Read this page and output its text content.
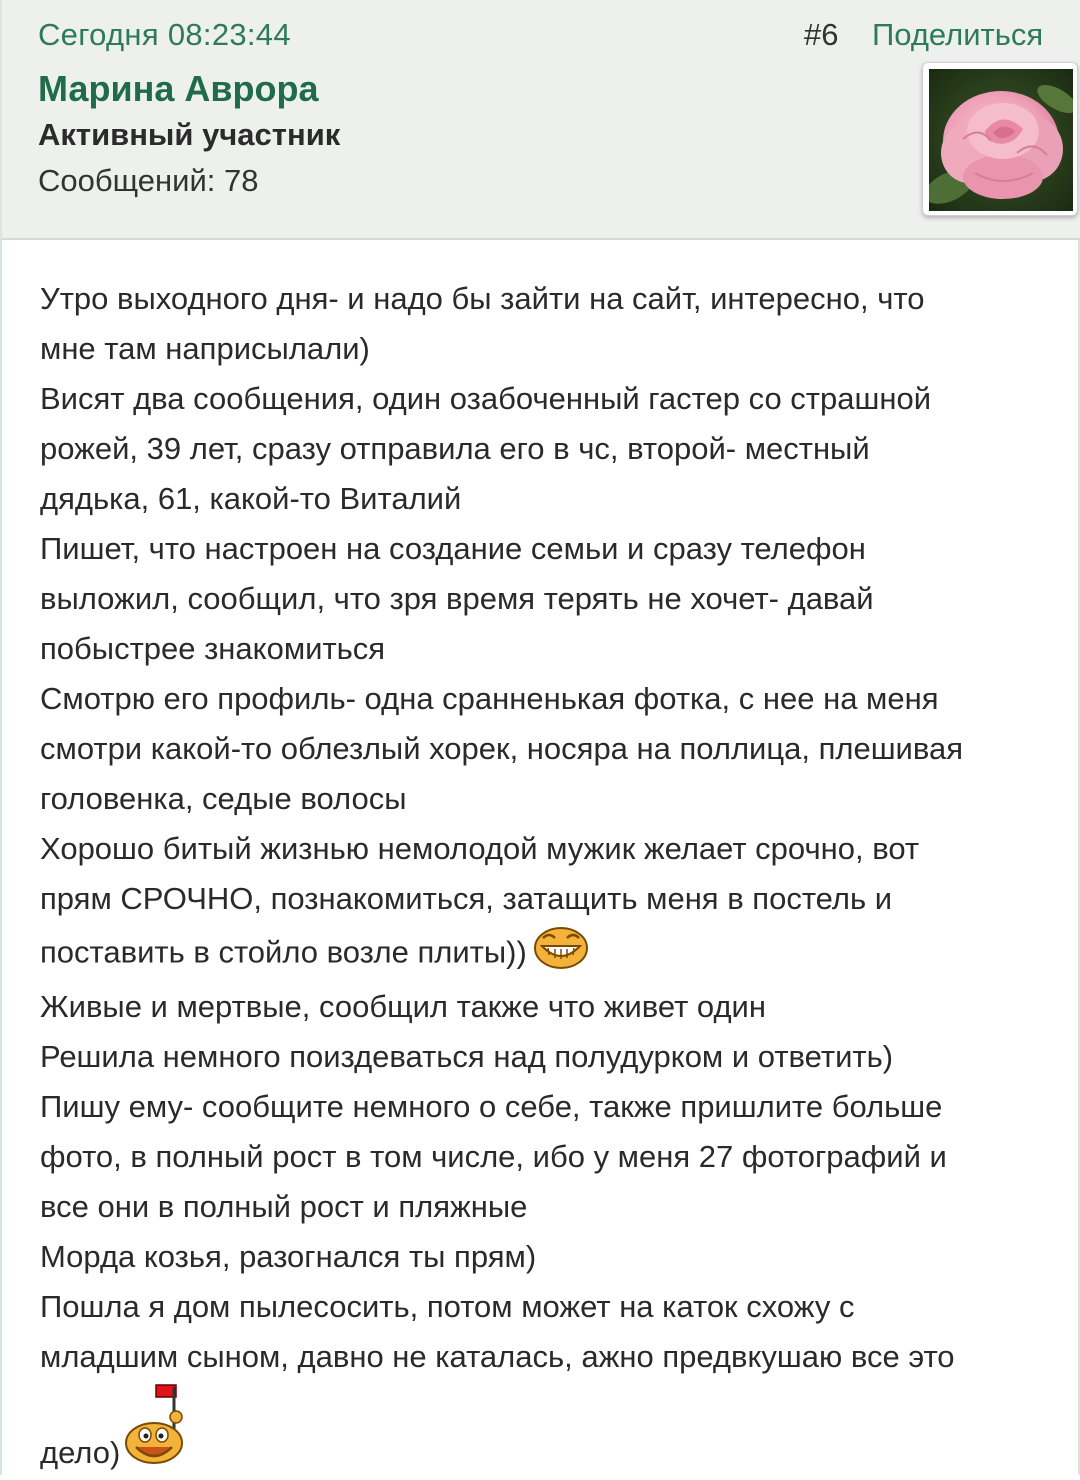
Сегодня 08:23:44	#6 Поделиться
Марина Аврора
Активный участник
Сообщений: 78
Утро выходного дня- и надо бы зайти на сайт, интересно, что
мне там наприсылали)
Висят два сообщения, один озабоченный гастер со страшной
рожей, 39 лет, сразу отправила его в чс, второй- местный
дядька, 61, какой-то Виталий
Пишет, что настроен на создание семьи и сразу телефон
выложил, сообщил, что зря время терять не хочет- давай
побыстрее знакомиться
Смотрю его профиль- одна сранненькая фотка, с нее на меня
смотри какой-то облезлый хорек, носяра на поллица, плешивая
головенка, седые волосы
Хорошо битый жизнью немолодой мужик желает срочно, вот
прям СРОЧНО, познакомиться, затащить меня в постель и
поставить в стойло возле плиты))
Живые и мертвые, сообщил также что живет один
Решила немного поиздеваться над полудурком и ответить)
Пишу ему- сообщите немного о себе, также пришлите больше
фото, в полный рост в том числе, ибо у меня 27 фотографий и
все они в полный рост и пляжные
Морда козья, разогнался ты прям)
Пошла я дом пылесосить, потом может на каток схожу с
младшим сыном, давно не каталась, ажно предвкушаю все это
дело)
